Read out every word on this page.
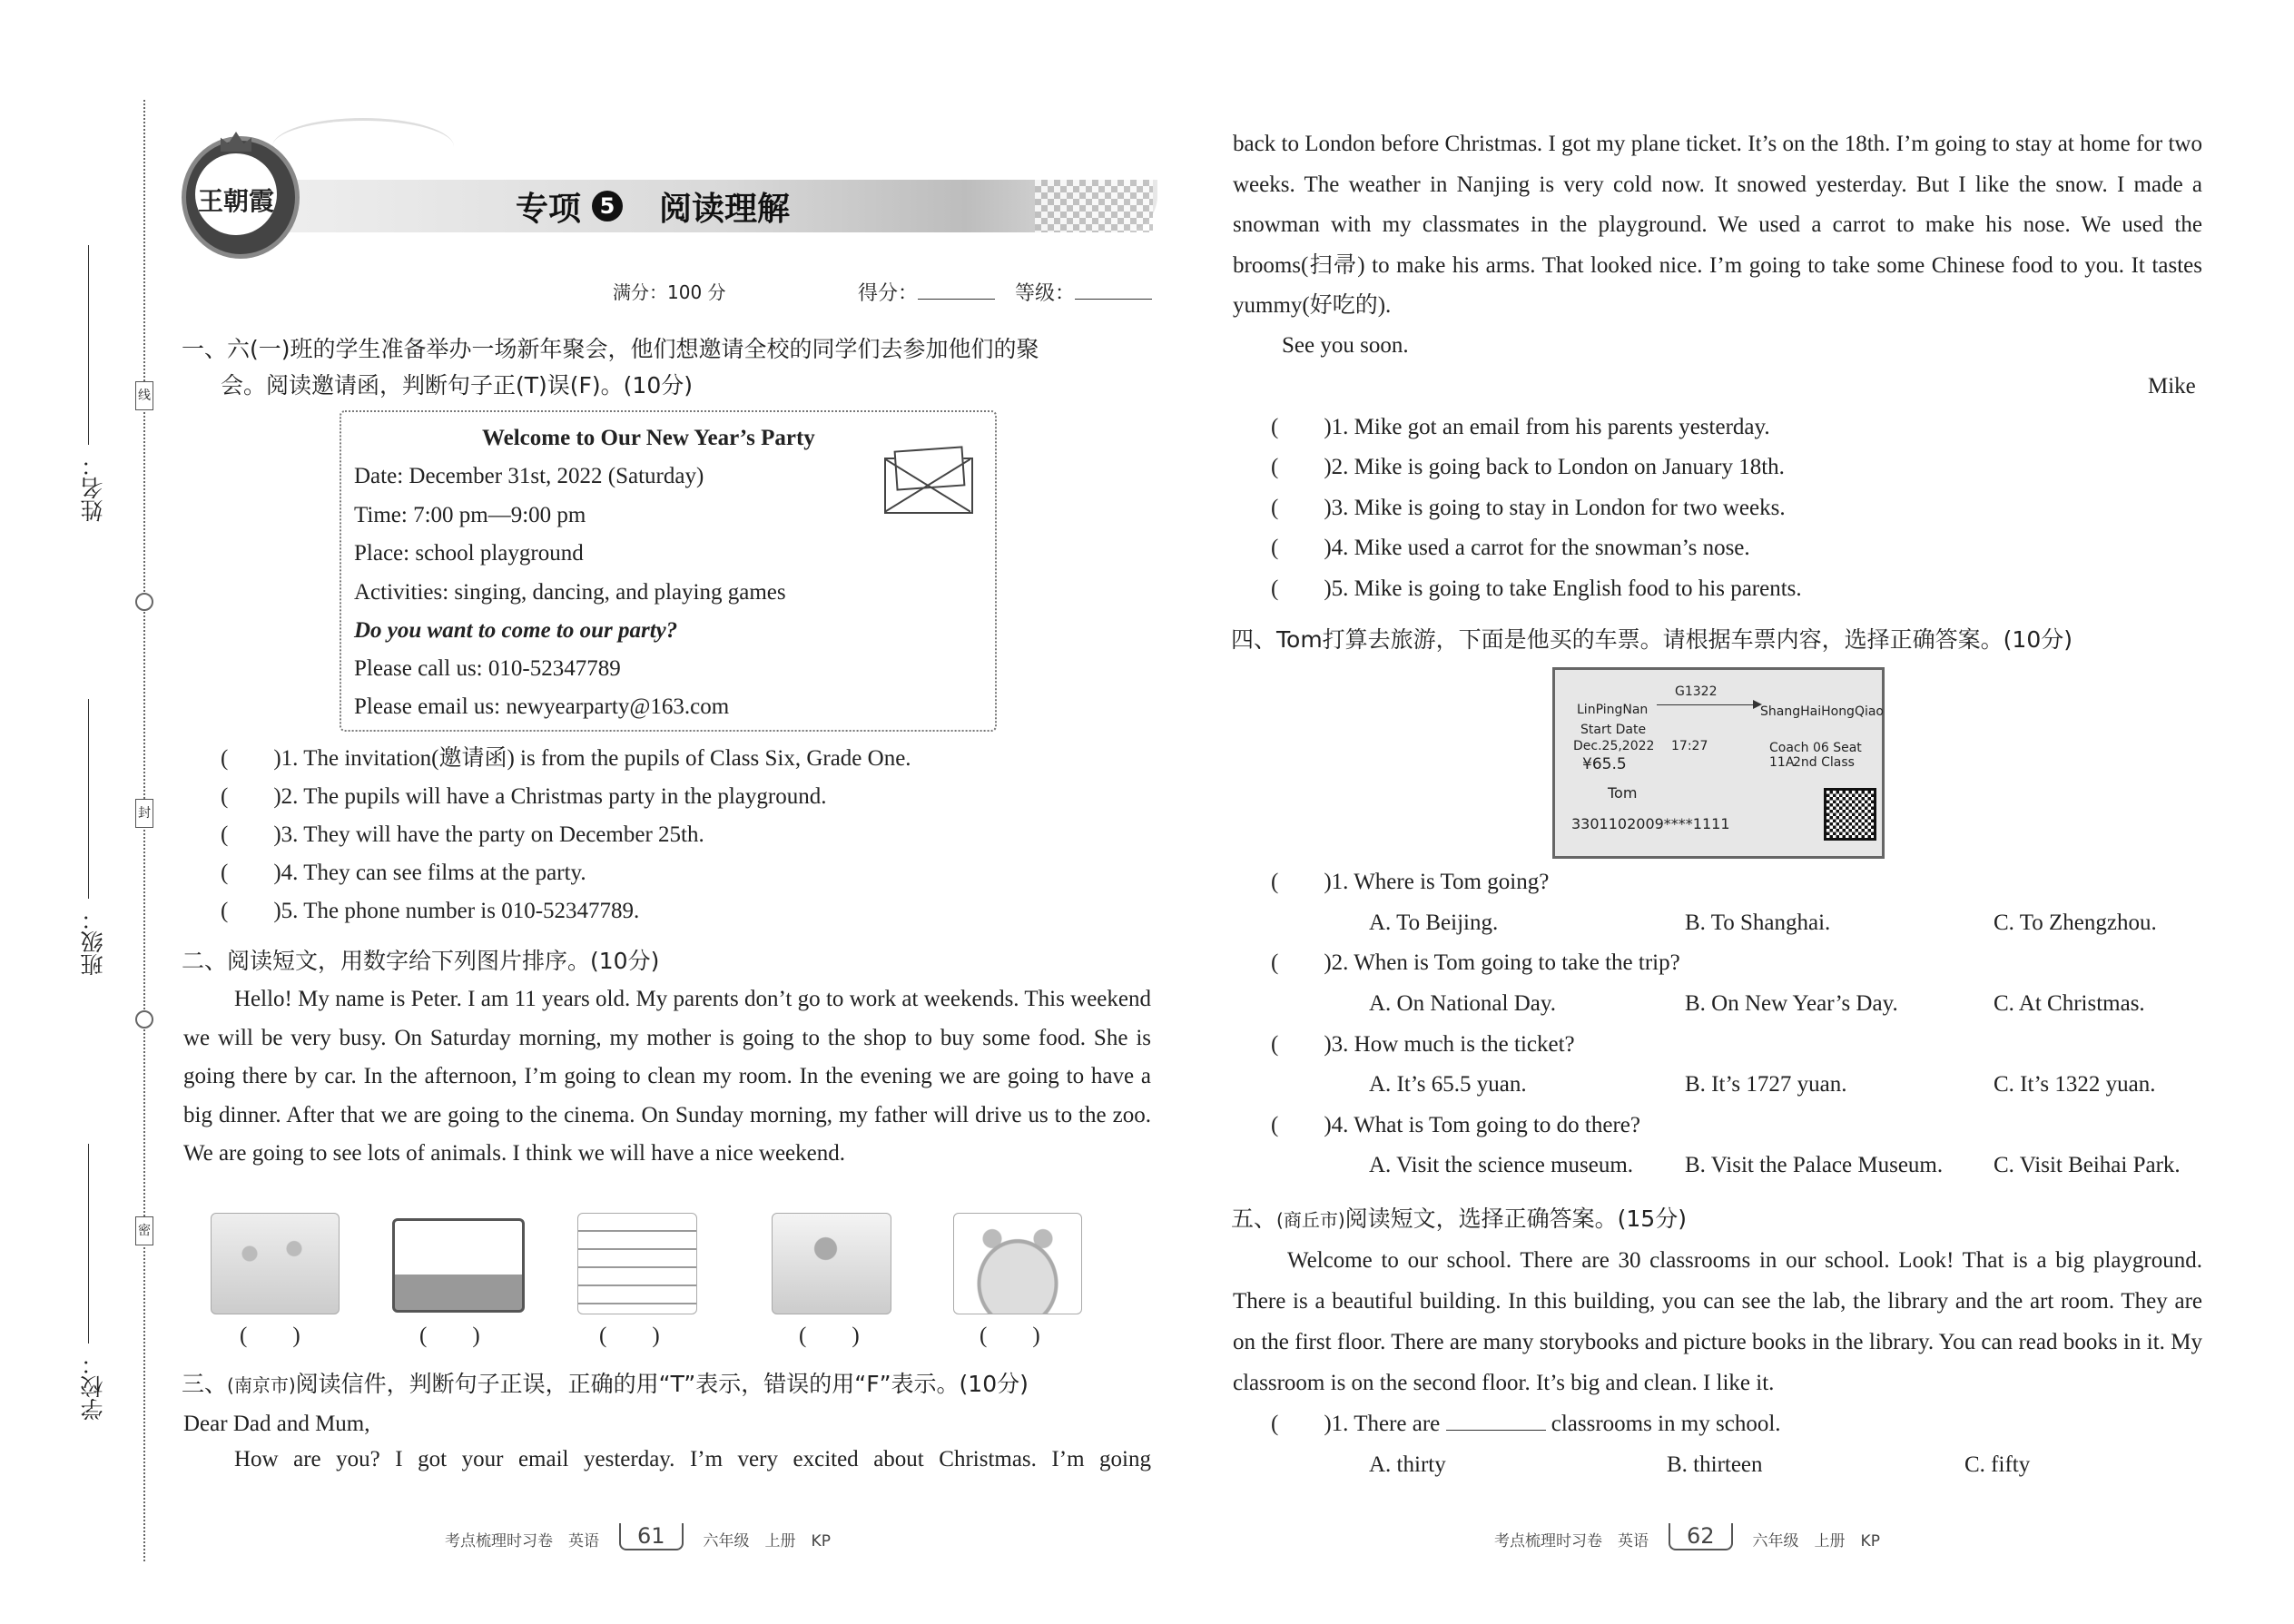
线
封
密
姓名：
班级：
学校：
王朝霞	专项 5 阅读理解
满分：100 分	得分：	等级：
一、六(一)班的学生准备举办一场新年聚会，他们想邀请全校的同学们去参加他们的聚
会。阅读邀请函，判断句子正(T)误(F)。(10分)
Welcome to Our New Year’s Party
Date: December 31st, 2022 (Saturday)
Time: 7:00 pm—9:00 pm
Place: school playground
Activities: singing, dancing, and playing games
Do you want to come to our party?
Please call us: 010-52347789
Please email us: newyearparty@163.com
(　　)1. The invitation(邀请函) is from the pupils of Class Six, Grade One.
(　　)2. The pupils will have a Christmas party in the playground.
(　　)3. They will have the party on December 25th.
(　　)4. They can see films at the party.
(　　)5. The phone number is 010-52347789.
二、阅读短文，用数字给下列图片排序。(10分)
Hello! My name is Peter. I am 11 years old. My parents don’t go to work at weekends. This weekend we will be very busy. On Saturday morning, my mother is going to the shop to buy some food. She is going there by car. In the afternoon, I’m going to clean my room. In the evening we are going to have a big dinner. After that we are going to the cinema. On Sunday morning, my father will drive us to the zoo. We are going to see lots of animals. I think we will have a nice weekend.
(　　)	(　　)	(　　)	(　　)	(　　)
三、(南京市)阅读信件，判断句子正误，正确的用“T”表示，错误的用“F”表示。(10分)
Dear Dad and Mum,
How are you? I got your email yesterday. I’m very excited about Christmas. I’m going
back to London before Christmas. I got my plane ticket. It’s on the 18th. I’m going to stay at home for two weeks. The weather in Nanjing is very cold now. It snowed yesterday. But I like the snow. I made a snowman with my classmates in the playground. We used a carrot to make his nose. We used the brooms(扫帚) to make his arms. That looked nice. I’m going to take some Chinese food to you. It tastes yummy(好吃的).
See you soon.
Mike
(　　)1. Mike got an email from his parents yesterday.
(　　)2. Mike is going back to London on January 18th.
(　　)3. Mike is going to stay in London for two weeks.
(　　)4. Mike used a carrot for the snowman’s nose.
(　　)5. Mike is going to take English food to his parents.
四、Tom打算去旅游，下面是他买的车票。请根据车票内容，选择正确答案。(10分)
LinPingNan
G1322
ShangHaiHongQiao
Start Date
Dec.25,2022 17:27	Coach 06 Seat 11A
¥65.5	2nd Class
Tom
3301102009****1111
(　　)1. Where is Tom going?
A. To Beijing.	B. To Shanghai.	C. To Zhengzhou.
(　　)2. When is Tom going to take the trip?
A. On National Day.	B. On New Year’s Day.	C. At Christmas.
(　　)3. How much is the ticket?
A. It’s 65.5 yuan.	B. It’s 1727 yuan.	C. It’s 1322 yuan.
(　　)4. What is Tom going to do there?
A. Visit the science museum. B. Visit the Palace Museum. C. Visit Beihai Park.
五、(商丘市)阅读短文，选择正确答案。(15分)
Welcome to our school. There are 30 classrooms in our school. Look! That is a big playground. There is a beautiful building. In this building, you can see the lab, the library and the art room. They are on the first floor. There are many storybooks and picture books in the library. You can read books in it. My classroom is on the second floor. It’s big and clean. I like it.
(　　)1. There are	classrooms in my school.
A. thirty	B. thirteen	C. fifty
考点梳理时习卷　英语	61	六年级　上册　KP	考点梳理时习卷　英语	62	六年级　上册　KP
